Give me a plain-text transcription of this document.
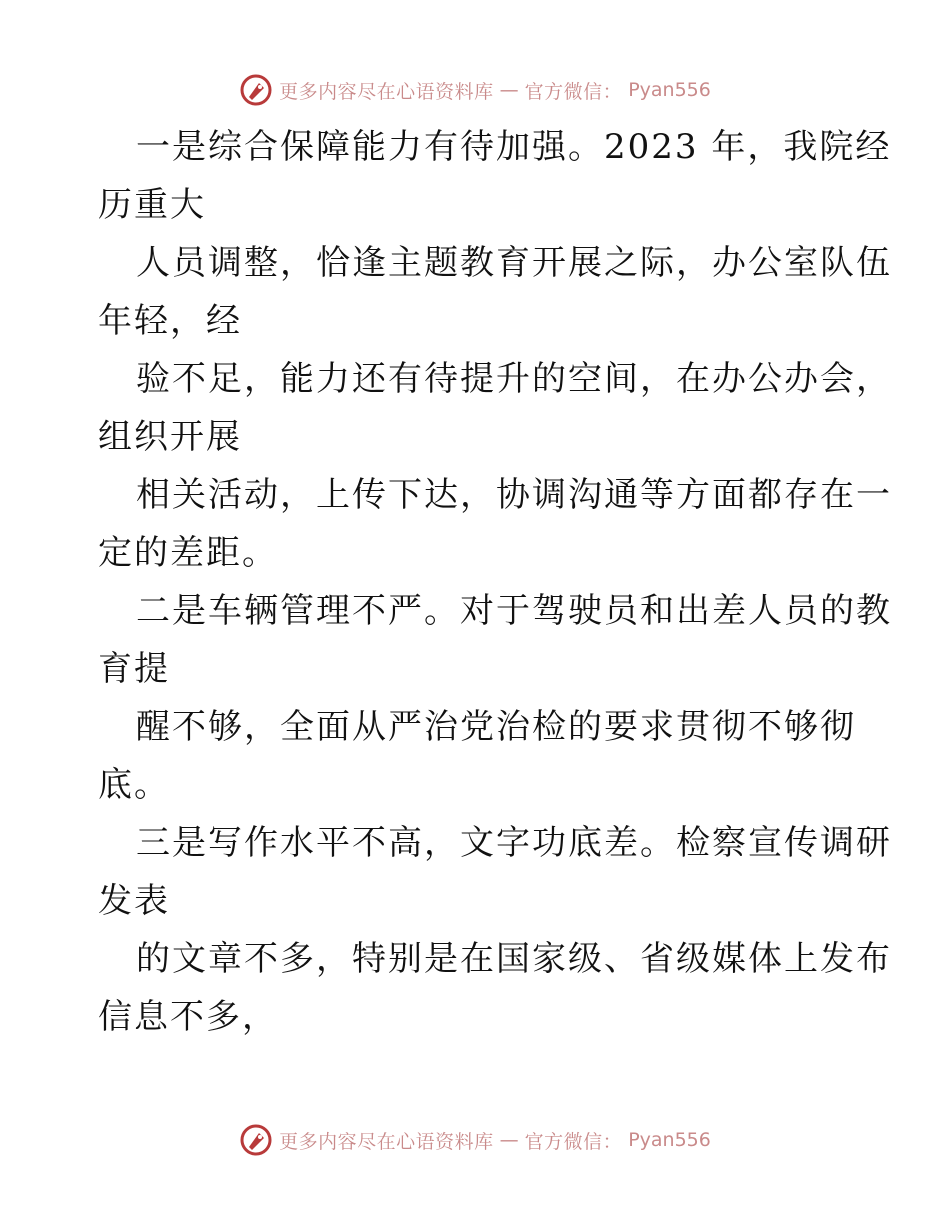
更多内容尽在心语资料库 — 官方微信： Pyan556

一是综合保障能力有待加强。2023 年，我院经
历重大

人员调整，恰逢主题教育开展之际，办公室队伍
年轻，经

验不足，能力还有待提升的空间，在办公办会，
组织开展

相关活动，上传下达，协调沟通等方面都存在一
定的差距。

二是车辆管理不严。对于驾驶员和出差人员的教
育提

醒不够，全面从严治党治检的要求贯彻不够彻
底。

三是写作水平不高，文字功底差。检察宣传调研
发表

的文章不多，特别是在国家级、省级媒体上发布
信息不多，

更多内容尽在心语资料库 — 官方微信： Pyan556
